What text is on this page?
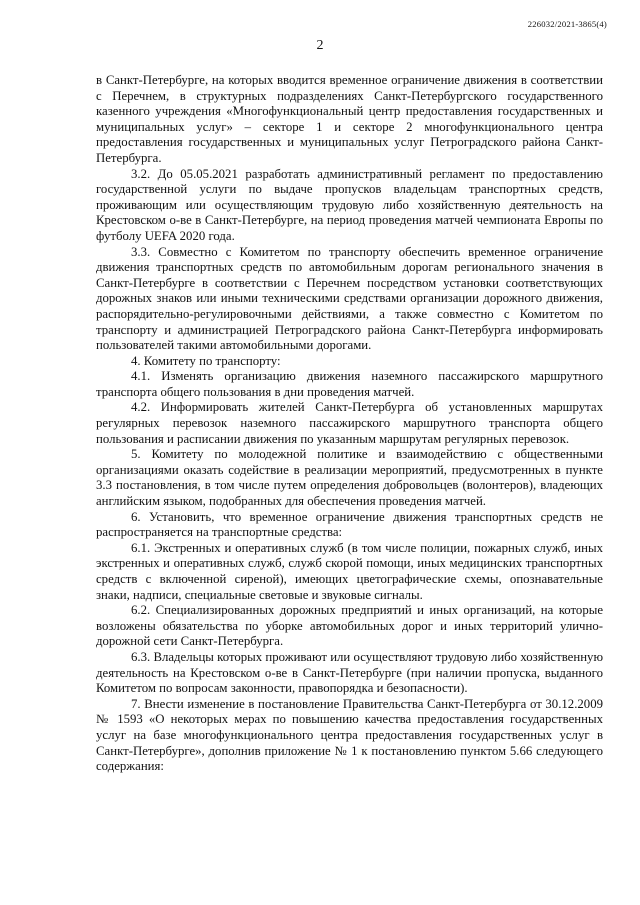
226032/2021-3865(4)
2

в Санкт-Петербурге, на которых вводится временное ограничение движения в соответствии с Перечнем, в структурных подразделениях Санкт-Петербургского государственного казенного учреждения «Многофункциональный центр предоставления государственных и муниципальных услуг» – секторе 1 и секторе 2 многофункционального центра предоставления государственных и муниципальных услуг Петроградского района Санкт-Петербурга.

3.2. До 05.05.2021 разработать административный регламент по предоставлению государственной услуги по выдаче пропусков владельцам транспортных средств, проживающим или осуществляющим трудовую либо хозяйственную деятельность на Крестовском о-ве в Санкт-Петербурге, на период проведения матчей чемпионата Европы по футболу UEFA 2020 года.

3.3. Совместно с Комитетом по транспорту обеспечить временное ограничение движения транспортных средств по автомобильным дорогам регионального значения в Санкт-Петербурге в соответствии с Перечнем посредством установки соответствующих дорожных знаков или иными техническими средствами организации дорожного движения, распорядительно-регулировочными действиями, а также совместно с Комитетом по транспорту и администрацией Петроградского района Санкт-Петербурга информировать пользователей такими автомобильными дорогами.

4. Комитету по транспорту:

4.1. Изменять организацию движения наземного пассажирского маршрутного транспорта общего пользования в дни проведения матчей.

4.2. Информировать жителей Санкт-Петербурга об установленных маршрутах регулярных перевозок наземного пассажирского маршрутного транспорта общего пользования и расписании движения по указанным маршрутам регулярных перевозок.

5. Комитету по молодежной политике и взаимодействию с общественными организациями оказать содействие в реализации мероприятий, предусмотренных в пункте 3.3 постановления, в том числе путем определения добровольцев (волонтеров), владеющих английским языком, подобранных для обеспечения проведения матчей.

6. Установить, что временное ограничение движения транспортных средств не распространяется на транспортные средства:

6.1. Экстренных и оперативных служб (в том числе полиции, пожарных служб, иных экстренных и оперативных служб, служб скорой помощи, иных медицинских транспортных средств с включенной сиреной), имеющих цветографические схемы, опознавательные знаки, надписи, специальные световые и звуковые сигналы.

6.2. Специализированных дорожных предприятий и иных организаций, на которые возложены обязательства по уборке автомобильных дорог и иных территорий улично-дорожной сети Санкт-Петербурга.

6.3. Владельцы которых проживают или осуществляют трудовую либо хозяйственную деятельность на Крестовском о-ве в Санкт-Петербурге (при наличии пропуска, выданного Комитетом по вопросам законности, правопорядка и безопасности).

7. Внести изменение в постановление Правительства Санкт-Петербурга от 30.12.2009 № 1593 «О некоторых мерах по повышению качества предоставления государственных услуг на базе многофункционального центра предоставления государственных услуг в Санкт-Петербурге», дополнив приложение № 1 к постановлению пунктом 5.66 следующего содержания:
